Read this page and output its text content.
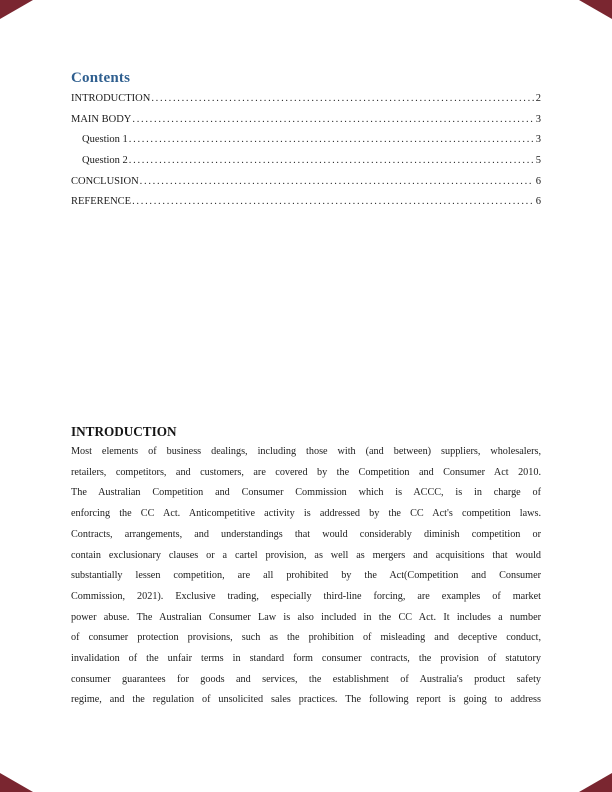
Contents
INTRODUCTION .....	2
MAIN BODY .....	3
Question 1 .....	3
Question 2 .....	5
CONCLUSION .....	6
REFERENCE .....	6
INTRODUCTION
Most elements of business dealings, including those with (and between) suppliers, wholesalers,
retailers, competitors, and customers, are covered by the Competition and Consumer Act 2010.
The Australian Competition and Consumer Commission which is ACCC, is in charge of
enforcing the CC Act. Anticompetitive activity is addressed by the CC Act's competition laws.
Contracts, arrangements, and understandings that would considerably diminish competition or
contain exclusionary clauses or a cartel provision, as well as mergers and acquisitions that would
substantially lessen competition, are all prohibited by the Act(Competition and Consumer
Commission, 2021). Exclusive trading, especially third-line forcing, are examples of market
power abuse. The Australian Consumer Law is also included in the CC Act. It includes a number
of consumer protection provisions, such as the prohibition of misleading and deceptive conduct,
invalidation of the unfair terms in standard form consumer contracts, the provision of statutory
consumer guarantees for goods and services, the establishment of Australia's product safety
regime, and the regulation of unsolicited sales practices. The following report is going to address
